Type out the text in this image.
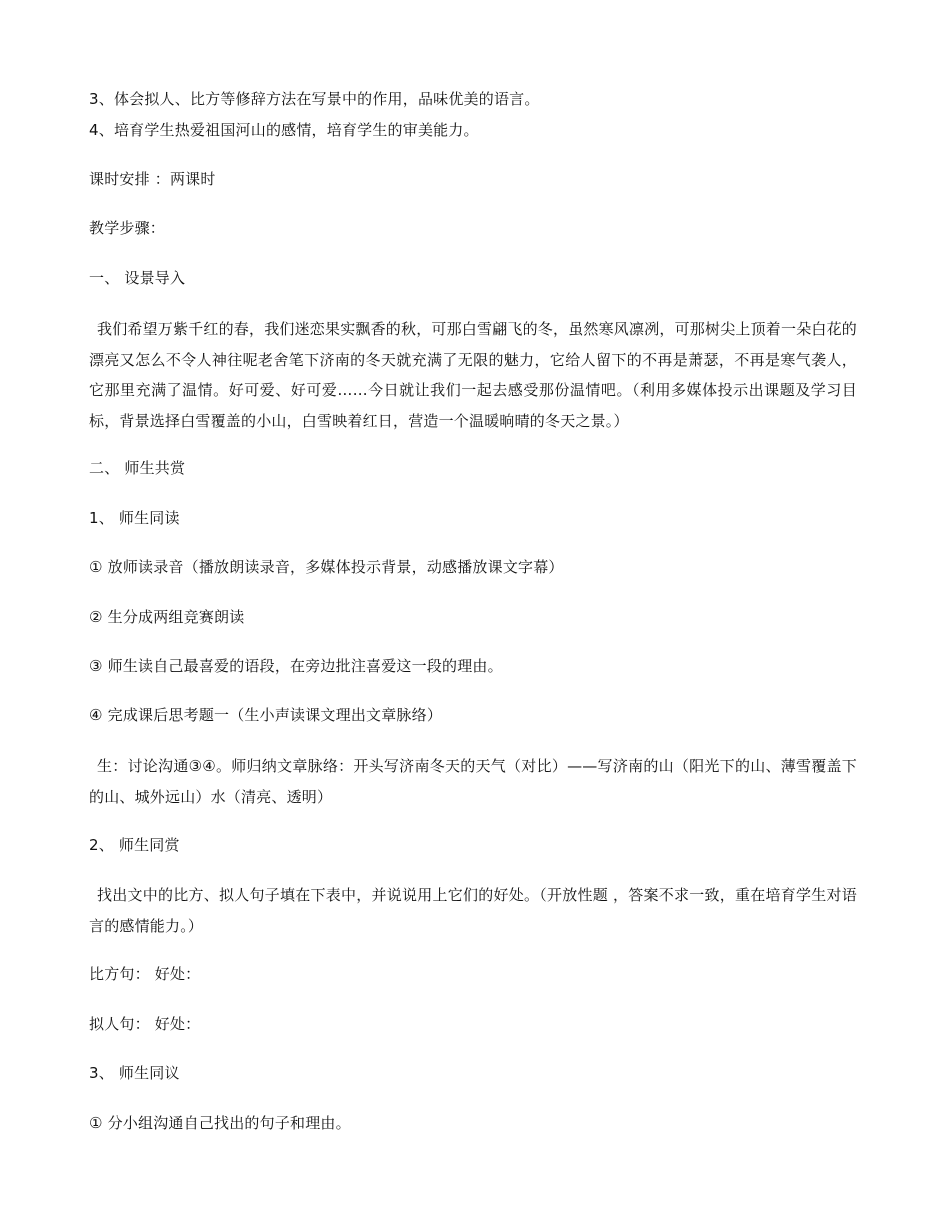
3、体会拟人、比方等修辞方法在写景中的作用，品味优美的语言。
4、培育学生热爱祖国河山的感情，培育学生的审美能力。
课时安排 ：两课时
教学步骤：
一、 设景导入
我们希望万紫千红的春，我们迷恋果实飘香的秋，可那白雪翩飞的冬，虽然寒风凛冽，可那树尖上顶着一朵白花的漂亮又怎么不令人神往呢老舍笔下济南的冬天就充满了无限的魅力，它给人留下的不再是萧瑟，不再是寒气袭人，它那里充满了温情。好可爱、好可爱……今日就让我们一起去感受那份温情吧。（利用多媒体投示出课题及学习目标，背景选择白雪覆盖的小山，白雪映着红日，营造一个温暖晌晴的冬天之景。）
二、 师生共赏
1、 师生同读
① 放师读录音（播放朗读录音，多媒体投示背景，动感播放课文字幕）
② 生分成两组竞赛朗读
③ 师生读自己最喜爱的语段，在旁边批注喜爱这一段的理由。
④ 完成课后思考题一（生小声读课文理出文章脉络）
生：讨论沟通③④。师归纳文章脉络：开头写济南冬天的天气（对比）——写济南的山（阳光下的山、薄雪覆盖下的山、城外远山）水（清亮、透明）
2、 师生同赏
找出文中的比方、拟人句子填在下表中，并说说用上它们的好处。（开放性题 ，答案不求一致，重在培育学生对语言的感情能力。）
比方句： 好处：
拟人句： 好处：
3、 师生同议
① 分小组沟通自己找出的句子和理由。
